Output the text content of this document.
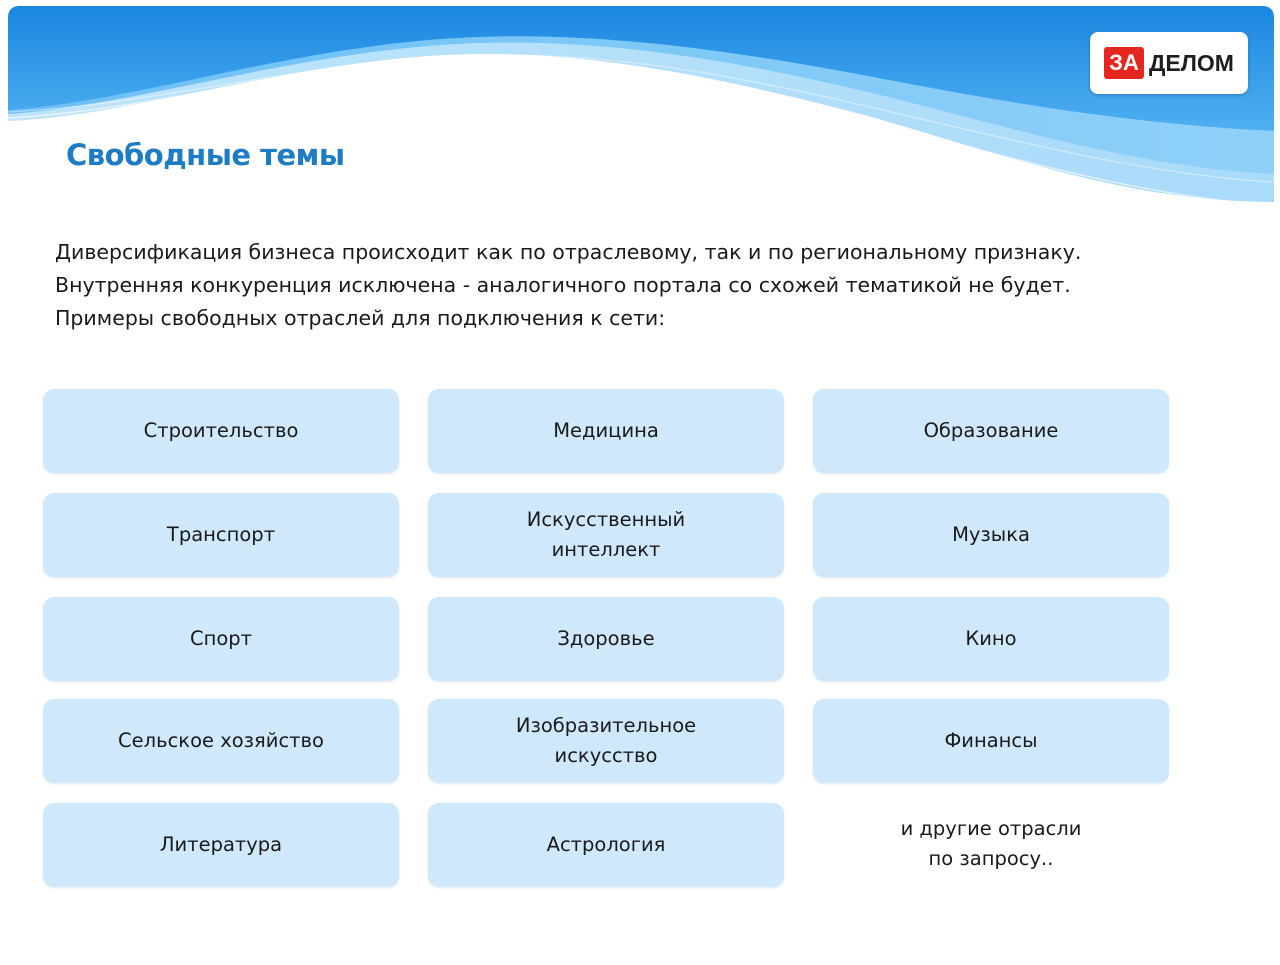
ЗА ДЕЛОМ
Свободные темы

Диверсификация бизнеса происходит как по отраслевому, так и по региональному признаку.

Внутренняя конкуренция исключена - аналогичного портала со схожей тематикой не будет.

Примеры свободных отраслей для подключения к сети:

Строительство	Медицина	Образование
Транспорт
Искусственный
интеллект
Музыка
Спорт	Здоровье	Кино
Сельское хозяйство
Изобразительное
искусство
Финансы
Литература	Астрология
и другие отрасли
по запросу..
